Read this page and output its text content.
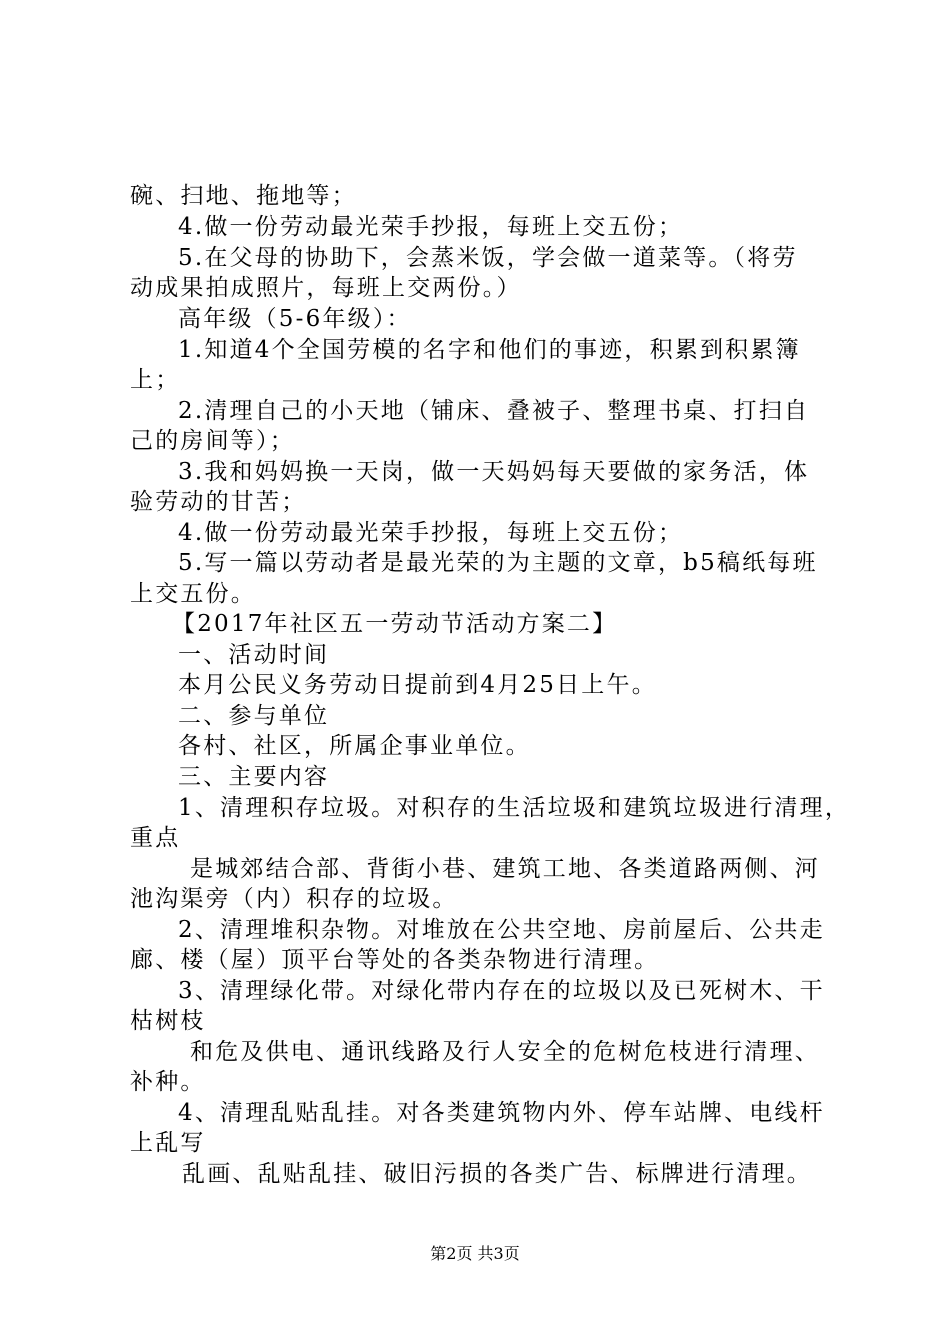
碗、扫地、拖地等；
4.做一份劳动最光荣手抄报，每班上交五份；
5.在父母的协助下，会蒸米饭，学会做一道菜等。（将劳
动成果拍成照片，每班上交两份。）
高年级（5-6年级）：
1.知道4个全国劳模的名字和他们的事迹，积累到积累簿
上；
2.清理自己的小天地（铺床、叠被子、整理书桌、打扫自
己的房间等）；
3.我和妈妈换一天岗，做一天妈妈每天要做的家务活，体
验劳动的甘苦；
4.做一份劳动最光荣手抄报，每班上交五份；
5.写一篇以劳动者是最光荣的为主题的文章，b5稿纸每班
上交五份。
【2017年社区五一劳动节活动方案二】
一、活动时间
本月公民义务劳动日提前到4月25日上午。
二、参与单位
各村、社区，所属企事业单位。
三、主要内容
1、清理积存垃圾。对积存的生活垃圾和建筑垃圾进行清理，
重点
是城郊结合部、背街小巷、建筑工地、各类道路两侧、河
池沟渠旁（内）积存的垃圾。
2、清理堆积杂物。对堆放在公共空地、房前屋后、公共走
廊、楼（屋）顶平台等处的各类杂物进行清理。
3、清理绿化带。对绿化带内存在的垃圾以及已死树木、干
枯树枝
和危及供电、通讯线路及行人安全的危树危枝进行清理、
补种。
4、清理乱贴乱挂。对各类建筑物内外、停车站牌、电线杆
上乱写
乱画、乱贴乱挂、破旧污损的各类广告、标牌进行清理。
第2页 共3页
